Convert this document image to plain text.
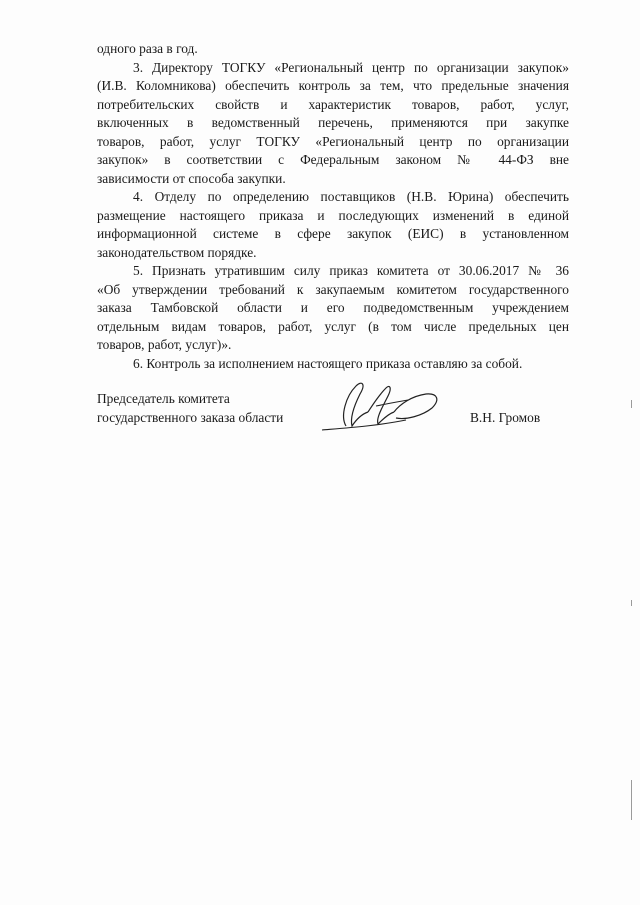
одного раза в год.
3. Директору ТОГКУ «Региональный центр по организации закупок»
(И.В. Коломникова) обеспечить контроль за тем, что предельные значения
потребительских свойств и характеристик товаров, работ, услуг,
включенных в ведомственный перечень, применяются при закупке
товаров, работ, услуг ТОГКУ «Региональный центр по организации
закупок» в соответствии с Федеральным законом № 44-ФЗ вне
зависимости от способа закупки.
4. Отделу по определению поставщиков (Н.В. Юрина) обеспечить
размещение настоящего приказа и последующих изменений в единой
информационной системе в сфере закупок (ЕИС) в установленном
законодательством порядке.
5. Признать утратившим силу приказ комитета от 30.06.2017 № 36
«Об утверждении требований к закупаемым комитетом государственного
заказа Тамбовской области и его подведомственным учреждением
отдельным видам товаров, работ, услуг (в том числе предельных цен
товаров, работ, услуг)».
6. Контроль за исполнением настоящего приказа оставляю за собой.
Председатель комитета
государственного заказа области	В.Н. Громов
